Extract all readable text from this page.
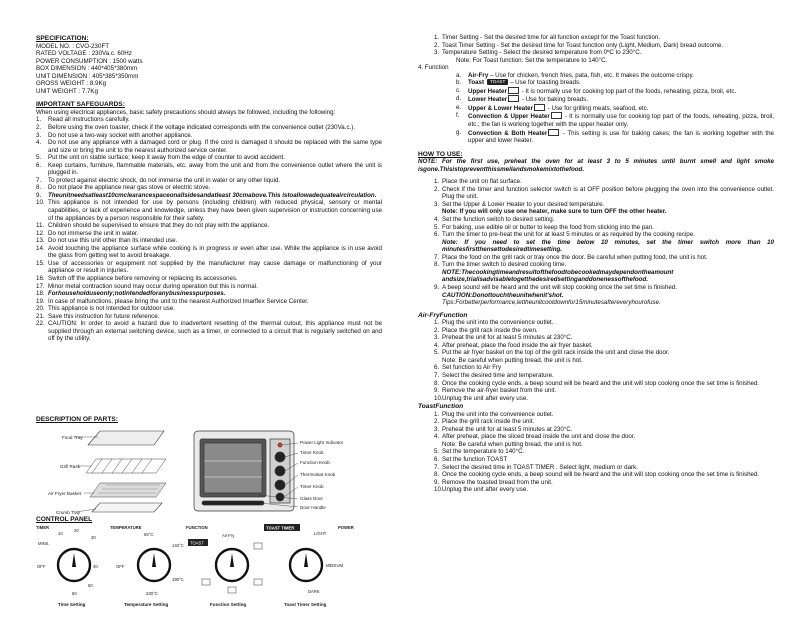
SPECIFICATION:
MODEL NO. : CVO-230FT
RATED VOLTAGE : 230Va.c. 60Hz
POWER CONSUMPTION : 1500 watts
BOX DIMENSION : 440*405*380mm
UNIT DIMENSION : 405*385*350mm
GROSS WEIGHT : 8.9Kg
UNIT WEIGHT : 7.7Kg
IMPORTANT SAFEGUARDS:
When using electrical appliances, basic safety precautions should always be followed, including the following:
1.	Read all instructions carefully.
2.	Before using the oven toaster, check if the voltage indicated corresponds with the convenience outlet (230Va.c.).
3.	Do not use a two-way socket with another appliance.
4.	Do not use any appliance with a damaged cord or plug. If the cord is damaged it should be replaced with the same type and size or bring the unit to the nearest authorized service center.
5.	Put the unit on stable surface; keep it away from the edge of counter to avoid accident.
6.	Keep curtains, furniture, flammable materials, etc. away from the unit and from the convenience outlet where the unit is plugged in.
7.	To protect against electric shock, do not immerse the unit in water or any other liquid.
8.	Do not place the appliance near gas stove or electric stove.
9.	Theunitneedsatleast10cmclearancespaceonallsidesandatleast 30cmabove.This istoallowadequateaircirculation.
10. This appliance is not intended for use by persons (including children) with reduced physical, sensory or mental capabilities, or lack of experience and knowledge, unless they have been given supervision or instruction concerning use of the appliances by a person responsible for their safety.
11. Children should be supervised to ensure that they do not play with the appliance.
12. Do not immerse the unit in water.
13. Do not use this unit other than its intended use.
14. Avoid touching the appliance surface while cooking is in progress or even after use. While the appliance is in use avoid the glass from getting wet to avoid breakage.
15. Use of accessories or equipment not supplied by the manufacturer may cause damage or malfunctioning of your appliance or result in injuries.
16. Switch off the appliance before removing or replacing its accessories.
17. Minor metal contraction sound may occur during operation but this is normal.
18. Forhouseholduseonly;notintendedforanybusinesspurposes.
19. In case of malfunctions, please bring the unit to the nearest Authorized Imarflex Service Center.
20. This appliance is not intended for outdoor use.
21. Save this instruction for future reference.
22. CAUTION: In order to avoid a hazard due to inadvertent resetting of the thermal cutout, this appliance must not be supplied through an external switching device, such as a timer, or connected to a circuit that is regularly switched on and off by the utility.
DESCRIPTION OF PARTS:
Food Tray
Grill Rack
Air Fryer Basket
Crumb Tray
Power Light Indicator
Timer Knob
Function Knob
Thermostat Knob
Timer Knob
Glass Door
Door Handle
CONTROL PANEL
TIMER
MINS.
10
20
30
OFF	40
50
60
Time Setting
TEMPERATURE
65°C
140°C
190°C
230°C
OFF
Temperature Setting
FUNCTION
Air Fry
TOAST
Function Setting
TOAST TIMER
LIGHT
MEDIUM
DARK
Toast Timer Setting
POWER
1. Timer Setting - Set the desired time for all function except for the Toast function.
2. Toast Timer Setting - Set the desired time for Toast function only (Light, Medium, Dark) bread outcome.
3. Temperature Setting - Select the desired temperature from 0ºC to 230°C.
Note: For Toast function: Set the temperature to 140°C.
4. Function
a.	Air-Fry – Use for chicken, french fries, pata, fish, etc. It makes the outcome crispy.
b.	Toast TOAST – Use for toasting breads.
c.	Upper Heater - It is normally use for cooking top part of the foods, reheating, pizza, broil, etc.
d.	Lower Heater - Use for baking breads.
e.	Upper & Lower Heater - Use for grilling meats, seafood, etc.
f.	Convection & Upper Heater - It is normally use for cooking top part of the foods, reheating, pizza, broil, etc.; the fan is working together with the upper heater only.
g.	Convection & Both Heater - This setting is use for baking cakes; the fan is working together with the upper and lower heater.
HOW TO USE:
NOTE: For the first use, preheat the oven for at least 3 to 5 minutes until burnt smell and light smoke isgone.Thisistopreventthissmellandsmokemixtothefood.
1. Place the unit on flat surface.
2. Check if the timer and function selector switch is at OFF position before plugging the oven into the convenience outlet. Plug the unit.
3. Set the Upper & Lower Heater to your desired temperature.
Note: If you will only use one heater, make sure to turn OFF the other heater.
4. Set the function switch to desired setting.
5. For baking, use edible oil or butter to keep the food from sticking into the pan.
6. Turn the timer to pre-heat the unit for at least 5 minutes or as required by the cooking recipe.
Note: If you need to set the time below 10 minutes, set the timer switch more than 10 minutesfirstthensettodesiredtimesetting.
7. Place the food on the grill rack or tray once the door. Be careful when putting food, the unit is hot.
8. Turn the timer switch to desired cooking time.
NOTE:Thecookingtimeandresultofthefoodtobecookedmaydependontheamount andsize,trialisadvisabletogetthedesiredsettinganddonenessofthefood.
9. A beep sound will be heard and the unit will stop cooking once the set time is finished.
CAUTION:Donottouchtheunitwhenit'shot.
Tips:Forbetterperformance,lettheunitcooldownfor15minutesaftereveryhourofuse.
Air-FryFunction
1. Plug the unit into the convenience outlet.
2. Place the grill rack inside the oven.
3. Preheat the unit for at least 5 minutes at 230°C.
4. After preheat, place the food inside the air fryer basket.
5. Put the air fryer basket on the top of the grill rack inside the unit and close the door.
Note: Be careful when putting bread, the unit is hot.
6. Set function to Air Fry
7. Select the desired time and temperature.
8. Once the cooking cycle ends, a beep sound will be heard and the unit will stop cooking once the set time is finished.
9. Remove the air-fryer basket from the unit.
10. Unplug the unit after every use.
ToastFunction
1. Plug the unit into the convenience outlet.
2. Place the grill rack inside the unit.
3. Preheat the unit for at least 5 minutes at 230°C.
4. After preheat, place the sliced bread inside the unit and close the door.
Note: Be careful when putting bread, the unit is hot.
5. Set the temperature to 140°C.
6. Set the function TOAST
7. Select the desired time in TOAST TIMER . Select light, medium or dark.
8. Once the cooking cycle ends, a beep sound will be heard and the unit will stop cooking once the set time is finished.
9. Remove the toasted bread from the unit.
10. Unplug the unit after every use.
